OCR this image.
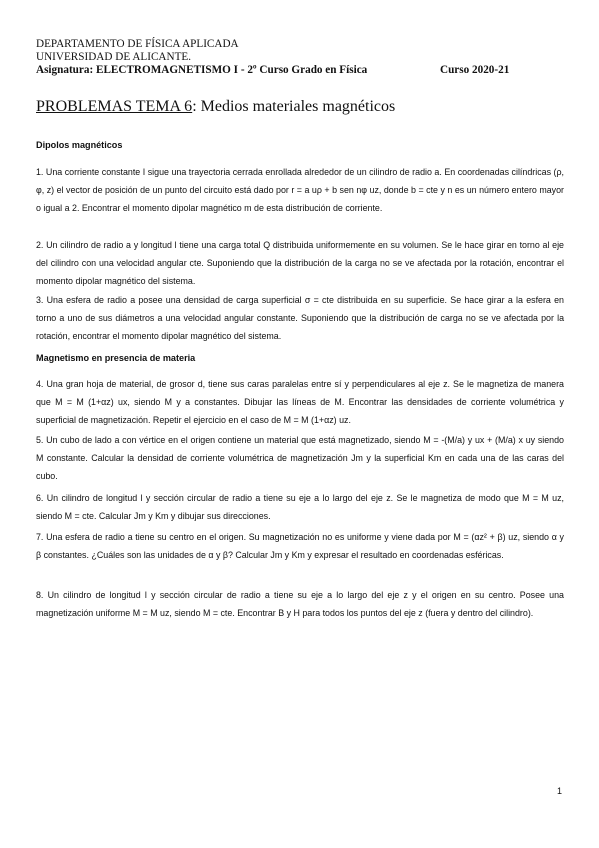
DEPARTAMENTO DE FÍSICA APLICADA
UNIVERSIDAD DE ALICANTE.
Asignatura: ELECTROMAGNETISMO I - 2º Curso Grado en Física	Curso 2020-21
PROBLEMAS TEMA 6: Medios materiales magnéticos
Dipolos magnéticos
1. Una corriente constante I sigue una trayectoria cerrada enrollada alrededor de un cilindro de radio a. En coordenadas cilíndricas (ρ, φ, z) el vector de posición de un punto del circuito está dado por r = a uρ + b sen nφ uz, donde b = cte y n es un número entero mayor o igual a 2. Encontrar el momento dipolar magnético m de esta distribución de corriente.
2. Un cilindro de radio a y longitud l tiene una carga total Q distribuida uniformemente en su volumen. Se le hace girar en torno al eje del cilindro con una velocidad angular cte. Suponiendo que la distribución de la carga no se ve afectada por la rotación, encontrar el momento dipolar magnético del sistema.
3. Una esfera de radio a posee una densidad de carga superficial σ = cte distribuida en su superficie. Se hace girar a la esfera en torno a uno de sus diámetros a una velocidad angular constante. Suponiendo que la distribución de carga no se ve afectada por la rotación, encontrar el momento dipolar magnético del sistema.
Magnetismo en presencia de materia
4. Una gran hoja de material, de grosor d, tiene sus caras paralelas entre sí y perpendiculares al eje z. Se le magnetiza de manera que M = M (1+αz) ux, siendo M y a constantes. Dibujar las líneas de M. Encontrar las densidades de corriente volumétrica y superficial de magnetización. Repetir el ejercicio en el caso de M = M (1+αz) uz.
5. Un cubo de lado a con vértice en el origen contiene un material que está magnetizado, siendo M = -(M/a) y ux + (M/a) x uy siendo M constante. Calcular la densidad de corriente volumétrica de magnetización Jm y la superficial Km en cada una de las caras del cubo.
6. Un cilindro de longitud l y sección circular de radio a tiene su eje a lo largo del eje z. Se le magnetiza de modo que M = M uz, siendo M = cte. Calcular Jm y Km y dibujar sus direcciones.
7. Una esfera de radio a tiene su centro en el origen. Su magnetización no es uniforme y viene dada por M = (αz² + β) uz, siendo α y β constantes. ¿Cuáles son las unidades de α y β? Calcular Jm y Km y expresar el resultado en coordenadas esféricas.
8. Un cilindro de longitud l y sección circular de radio a tiene su eje a lo largo del eje z y el origen en su centro. Posee una magnetización uniforme M = M uz, siendo M = cte. Encontrar B y H para todos los puntos del eje z (fuera y dentro del cilindro).
1
